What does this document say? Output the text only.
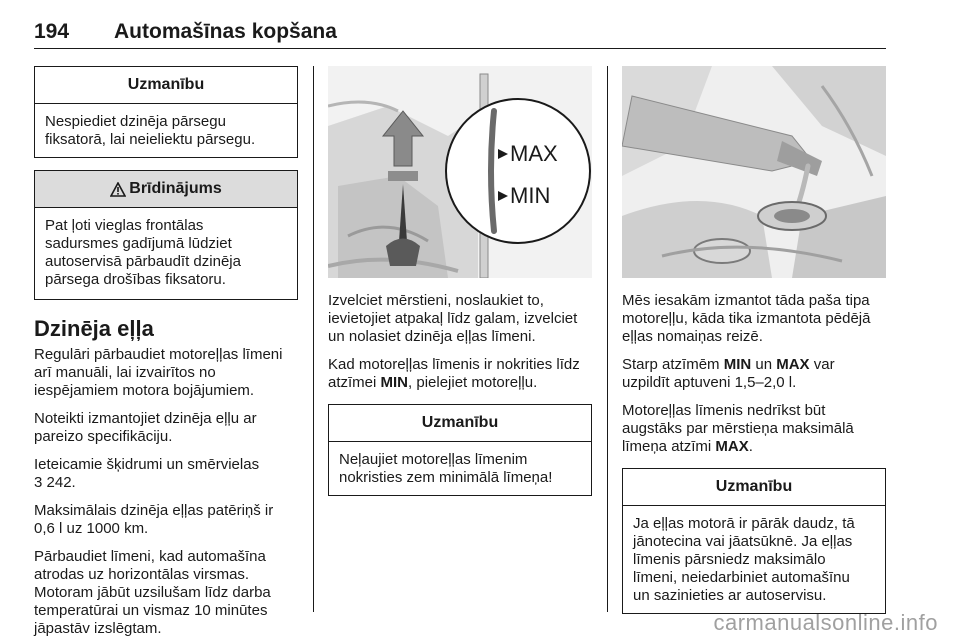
194 Automašīnas kopšana
Uzmanību
Nespiediet dzinēja pārsegu
fiksatorā, lai neieliektu pārsegu.
Brīdinājums
Pat ļoti vieglas frontālas
sadursmes gadījumā lūdziet
autoservisā pārbaudīt dzinēja
pārsega drošības fiksatoru.
Dzinēja eļļa

Regulāri pārbaudiet motoreļļas līmeni
arī manuāli, lai izvairītos no
iespējamiem motora bojājumiem.

Noteikti izmantojiet dzinēja eļļu ar
pareizo specifikāciju.

Ieteicamie šķidrumi un smērvielas
3 242.

Maksimālais dzinēja eļļas patēriņš ir
0,6 l uz 1000 km.

Pārbaudiet līmeni, kad automašīna
atrodas uz horizontālas virsmas.
Motoram jābūt uzsilušam līdz darba
temperatūrai un vismaz 10 minūtes
jāpastāv izslēgtam.

MAX
MIN

Izvelciet mērstieni, noslaukiet to,
ievietojiet atpakaļ līdz galam, izvelciet
un nolasiet dzinēja eļļas līmeni.

Kad motoreļļas līmenis ir nokrities līdz
atzīmei MIN, pielejiet motoreļļu.

Uzmanību
Neļaujiet motoreļļas līmenim
nokristies zem minimālā līmeņa!

Mēs iesakām izmantot tāda paša tipa
motoreļļu, kāda tika izmantota pēdējā
eļļas nomaiņas reizē.

Starp atzīmēm MIN un MAX var
uzpildīt aptuveni 1,5–2,0 l.

Motoreļļas līmenis nedrīkst būt
augstāks par mērstieņa maksimālā
līmeņa atzīmi MAX.

Uzmanību
Ja eļļas motorā ir pārāk daudz, tā
jānotecina vai jāatsūknē. Ja eļļas
līmenis pārsniedz maksimālo
līmeni, neiedarbiniet automašīnu
un sazinieties ar autoservisu.
carmanualsonline.info
